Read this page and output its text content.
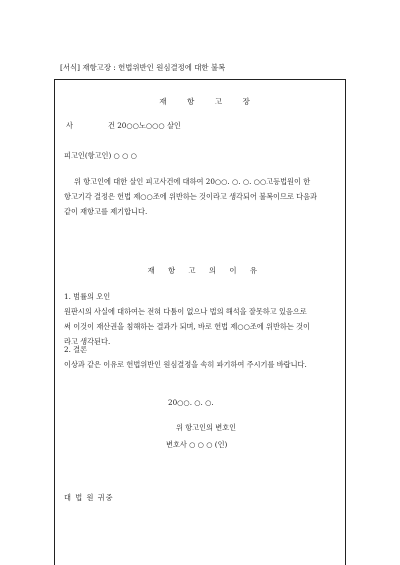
[서식] 재항고장 : 헌법위반인 원심결정에 대한 불복
재 항 고 장
사	건 20○○노○○○ 살인
피고인(항고인) ○ ○ ○
위 항고인에 대한 살인 피고사건에 대하여 20○○. ○. ○. ○○고등법원이 한
항고기각 결정은 헌법 제○○조에 위반하는 것이라고 생각되어 불복이므로 다음과
같이 재항고를 제기합니다.
재 항 고 의 이 유
1. 범률의 오인
원판시의 사실에 대하여는 전혀 다툼이 없으나 법의 해석을 잘못하고 있음으로
써 이것이 재산권을 침해하는 결과가 되며, 바로 헌법 제○○조에 위반하는 것이
라고 생각된다.
2. 결론
이상과 같은 이유로 헌법위반인 원심결정을 속히 파기하여 주시기를 바랍니다.
20○○. ○. ○.
위 항고인의 변호인
변호사 ○ ○ ○ (인)
대 법 원 귀중
